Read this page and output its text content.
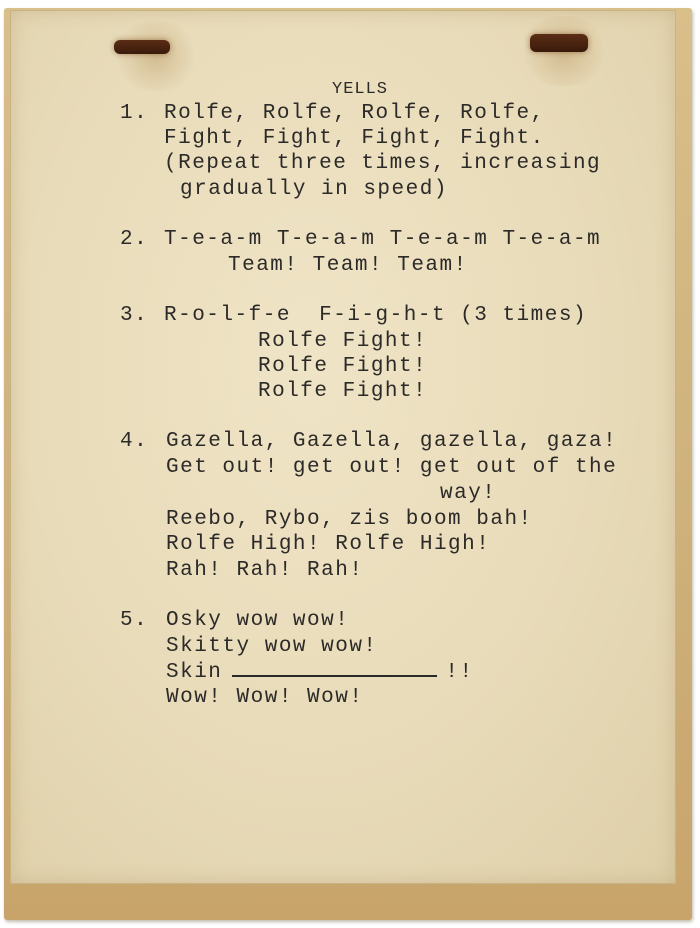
YELLS
1. Rolfe, Rolfe, Rolfe, Rolfe,
Fight, Fight, Fight, Fight.
(Repeat three times, increasing
gradually in speed)
2. T-e-a-m T-e-a-m T-e-a-m T-e-a-m
Team! Team! Team!
3. R-o-l-f-e  F-i-g-h-t (3 times)
Rolfe Fight!
Rolfe Fight!
Rolfe Fight!
4. Gazella, Gazella, gazella, gaza!
Get out! get out! get out of the
way!
Reebo, Rybo, zis boom bah!
Rolfe High! Rolfe High!
Rah! Rah! Rah!
5. Osky wow wow!
Skitty wow wow!
Skin	!!
Wow! Wow! Wow!
